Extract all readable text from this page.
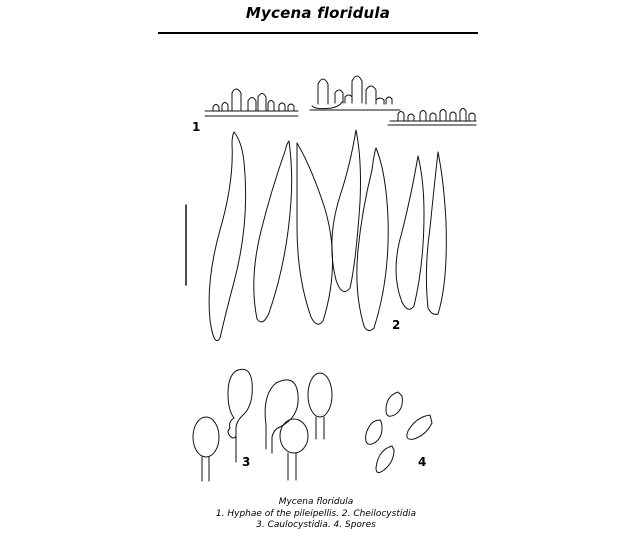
Mycena floridula
1
2
3	4
Mycena floridula
1. Hyphae of the pileipellis. 2. Cheilocystidia
3. Caulocystidia. 4. Spores
